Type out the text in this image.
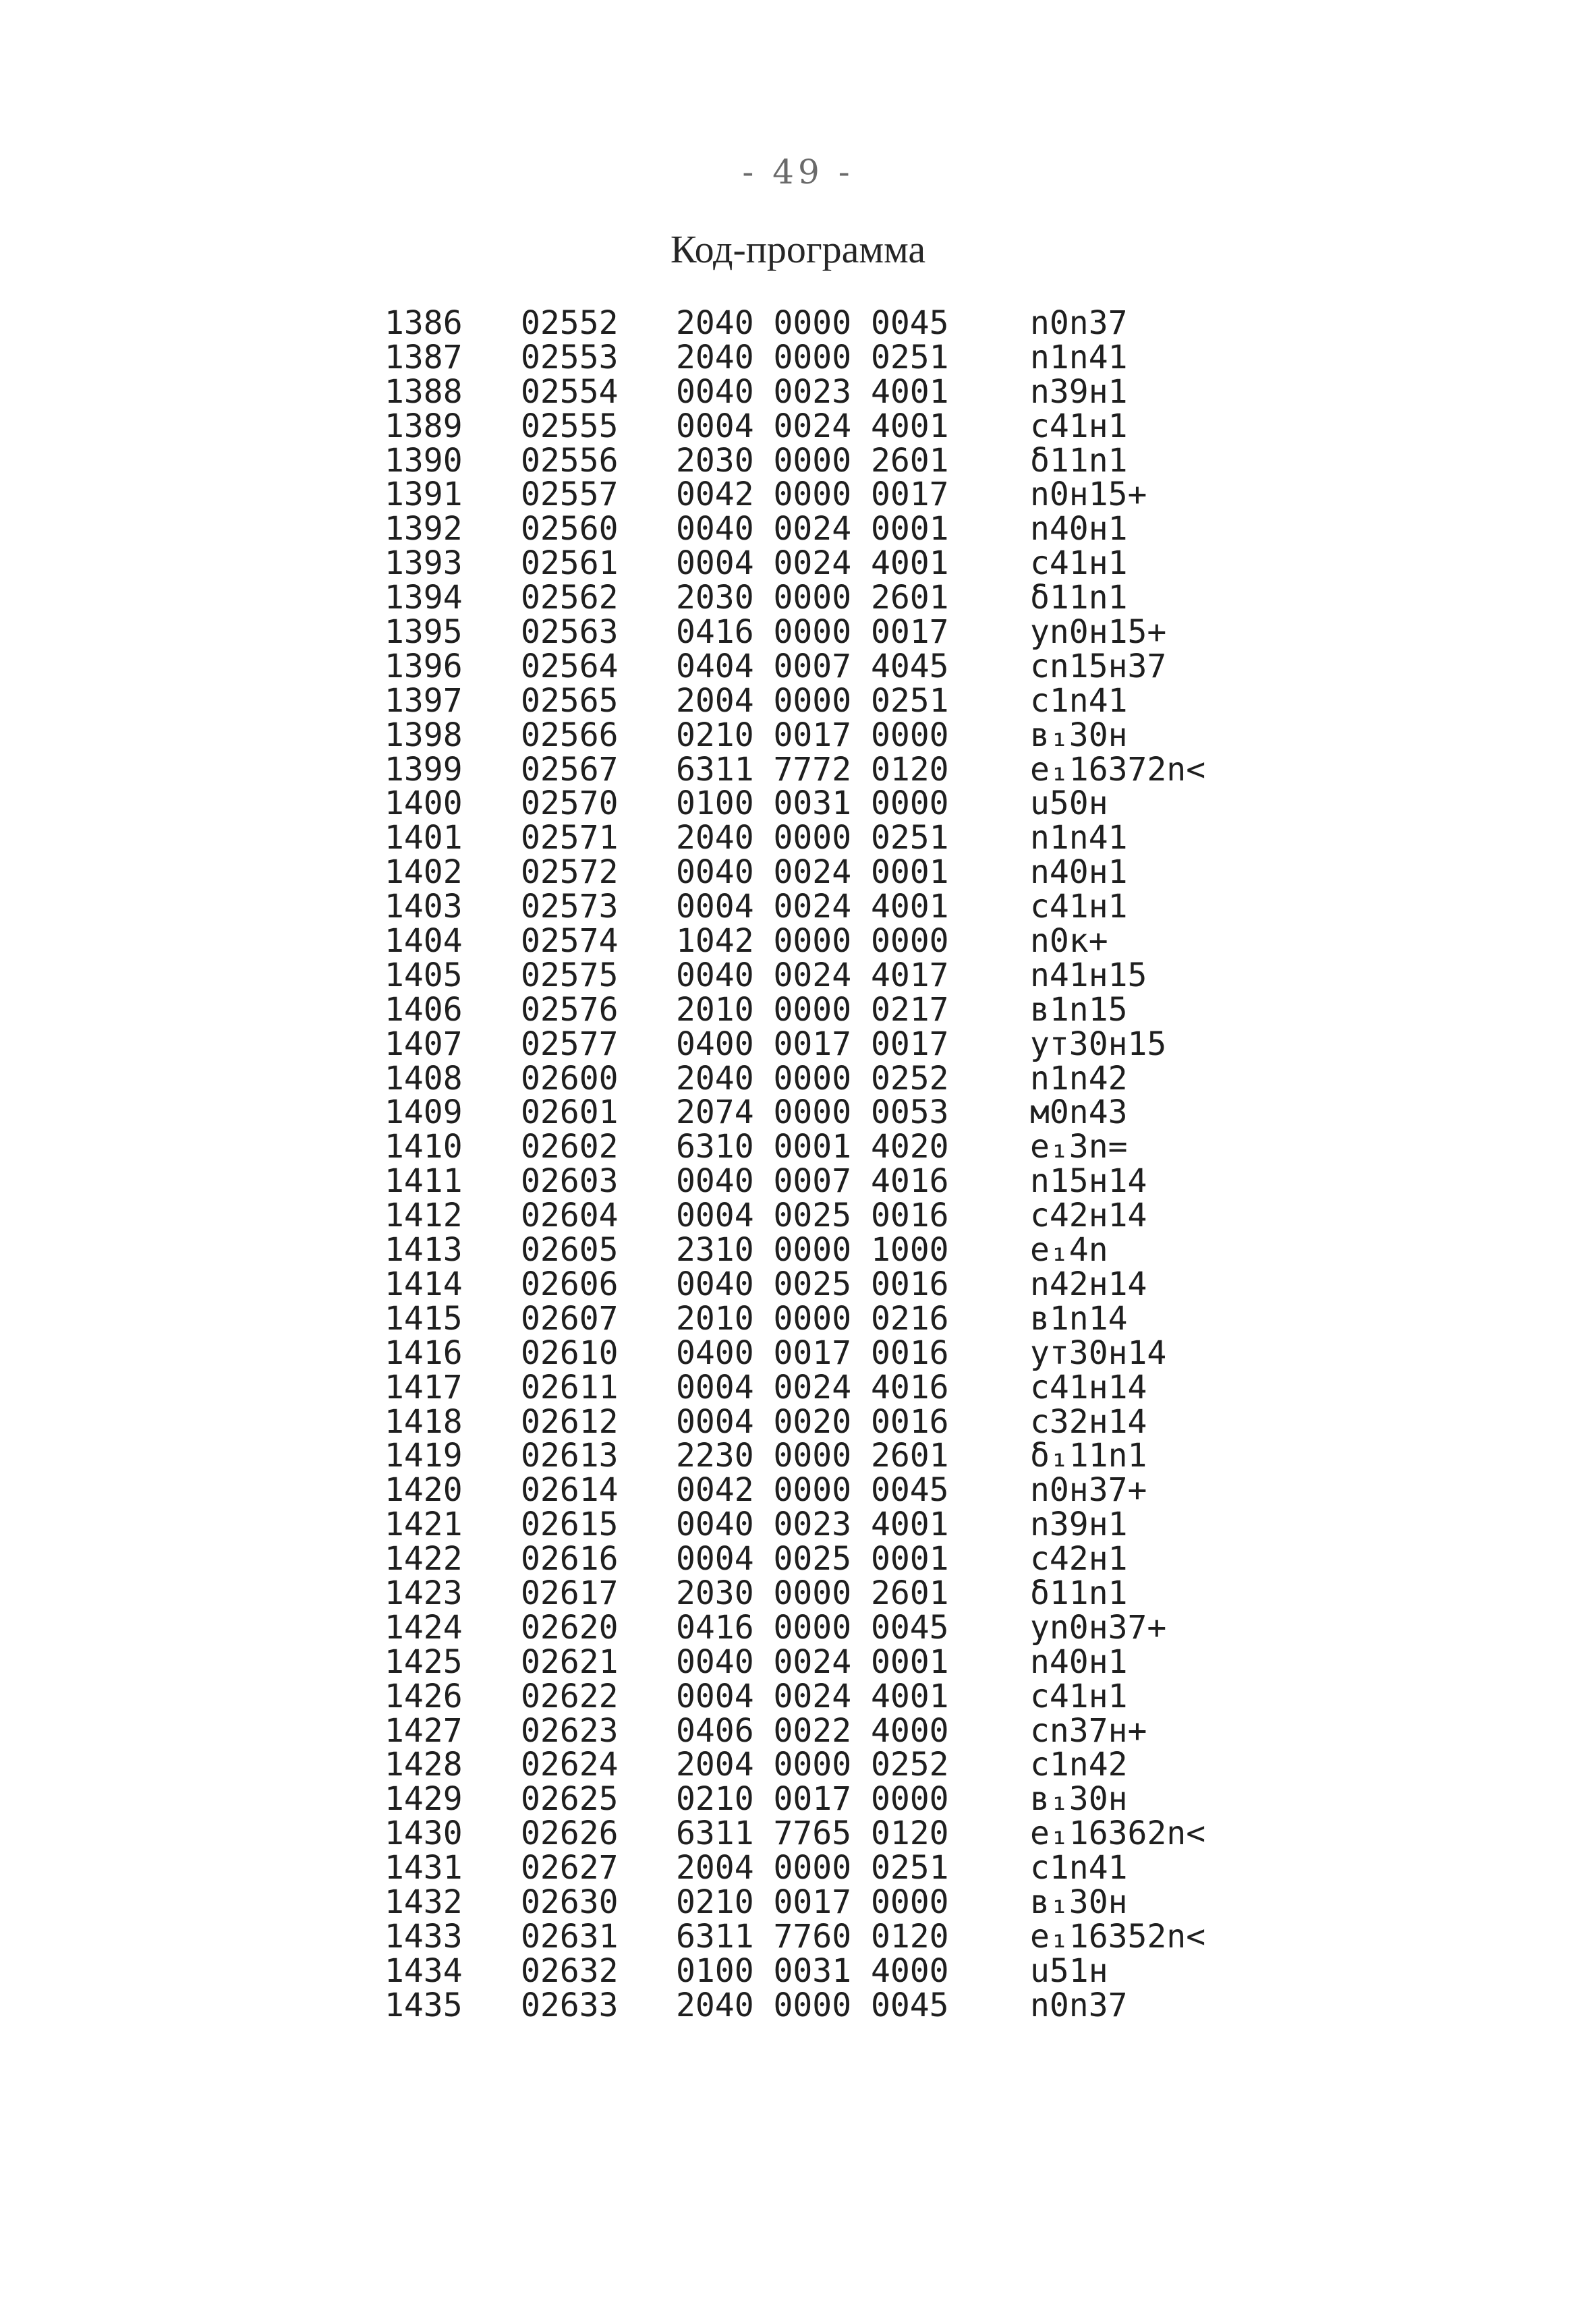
- 49 -
Код-программа
1386	02552	2040 0000 0045	n0n37
1387	02553	2040 0000 0251	n1n41
1388	02554	0040 0023 4001	n39н1
1389	02555	0004 0024 4001	c41н1
1390	02556	2030 0000 2601	δ11n1
1391	02557	0042 0000 0017	n0н15+
1392	02560	0040 0024 0001	n40н1
1393	02561	0004 0024 4001	c41н1
1394	02562	2030 0000 2601	δ11n1
1395	02563	0416 0000 0017	уn0н15+
1396	02564	0404 0007 4045	сn15н37
1397	02565	2004 0000 0251	c1n41
1398	02566	0210 0017 0000	в₁30н
1399	02567	6311 7772 0120	е₁16372n<
1400	02570	0100 0031 0000	u50н
1401	02571	2040 0000 0251	n1n41
1402	02572	0040 0024 0001	n40н1
1403	02573	0004 0024 4001	c41н1
1404	02574	1042 0000 0000	n0к+
1405	02575	0040 0024 4017	n41н15
1406	02576	2010 0000 0217	в1n15
1407	02577	0400 0017 0017	ут30н15
1408	02600	2040 0000 0252	n1n42
1409	02601	2074 0000 0053	м0n43
1410	02602	6310 0001 4020	е₁3n=
1411	02603	0040 0007 4016	n15н14
1412	02604	0004 0025 0016	c42н14
1413	02605	2310 0000 1000	е₁4n
1414	02606	0040 0025 0016	n42н14
1415	02607	2010 0000 0216	в1n14
1416	02610	0400 0017 0016	ут30н14
1417	02611	0004 0024 4016	c41н14
1418	02612	0004 0020 0016	c32н14
1419	02613	2230 0000 2601	δ₁11n1
1420	02614	0042 0000 0045	n0н37+
1421	02615	0040 0023 4001	n39н1
1422	02616	0004 0025 0001	c42н1
1423	02617	2030 0000 2601	δ11n1
1424	02620	0416 0000 0045	уn0н37+
1425	02621	0040 0024 0001	n40н1
1426	02622	0004 0024 4001	c41н1
1427	02623	0406 0022 4000	сn37н+
1428	02624	2004 0000 0252	c1n42
1429	02625	0210 0017 0000	в₁30н
1430	02626	6311 7765 0120	е₁16362n<
1431	02627	2004 0000 0251	c1n41
1432	02630	0210 0017 0000	в₁30н
1433	02631	6311 7760 0120	е₁16352n<
1434	02632	0100 0031 4000	u51н
1435	02633	2040 0000 0045	n0n37
